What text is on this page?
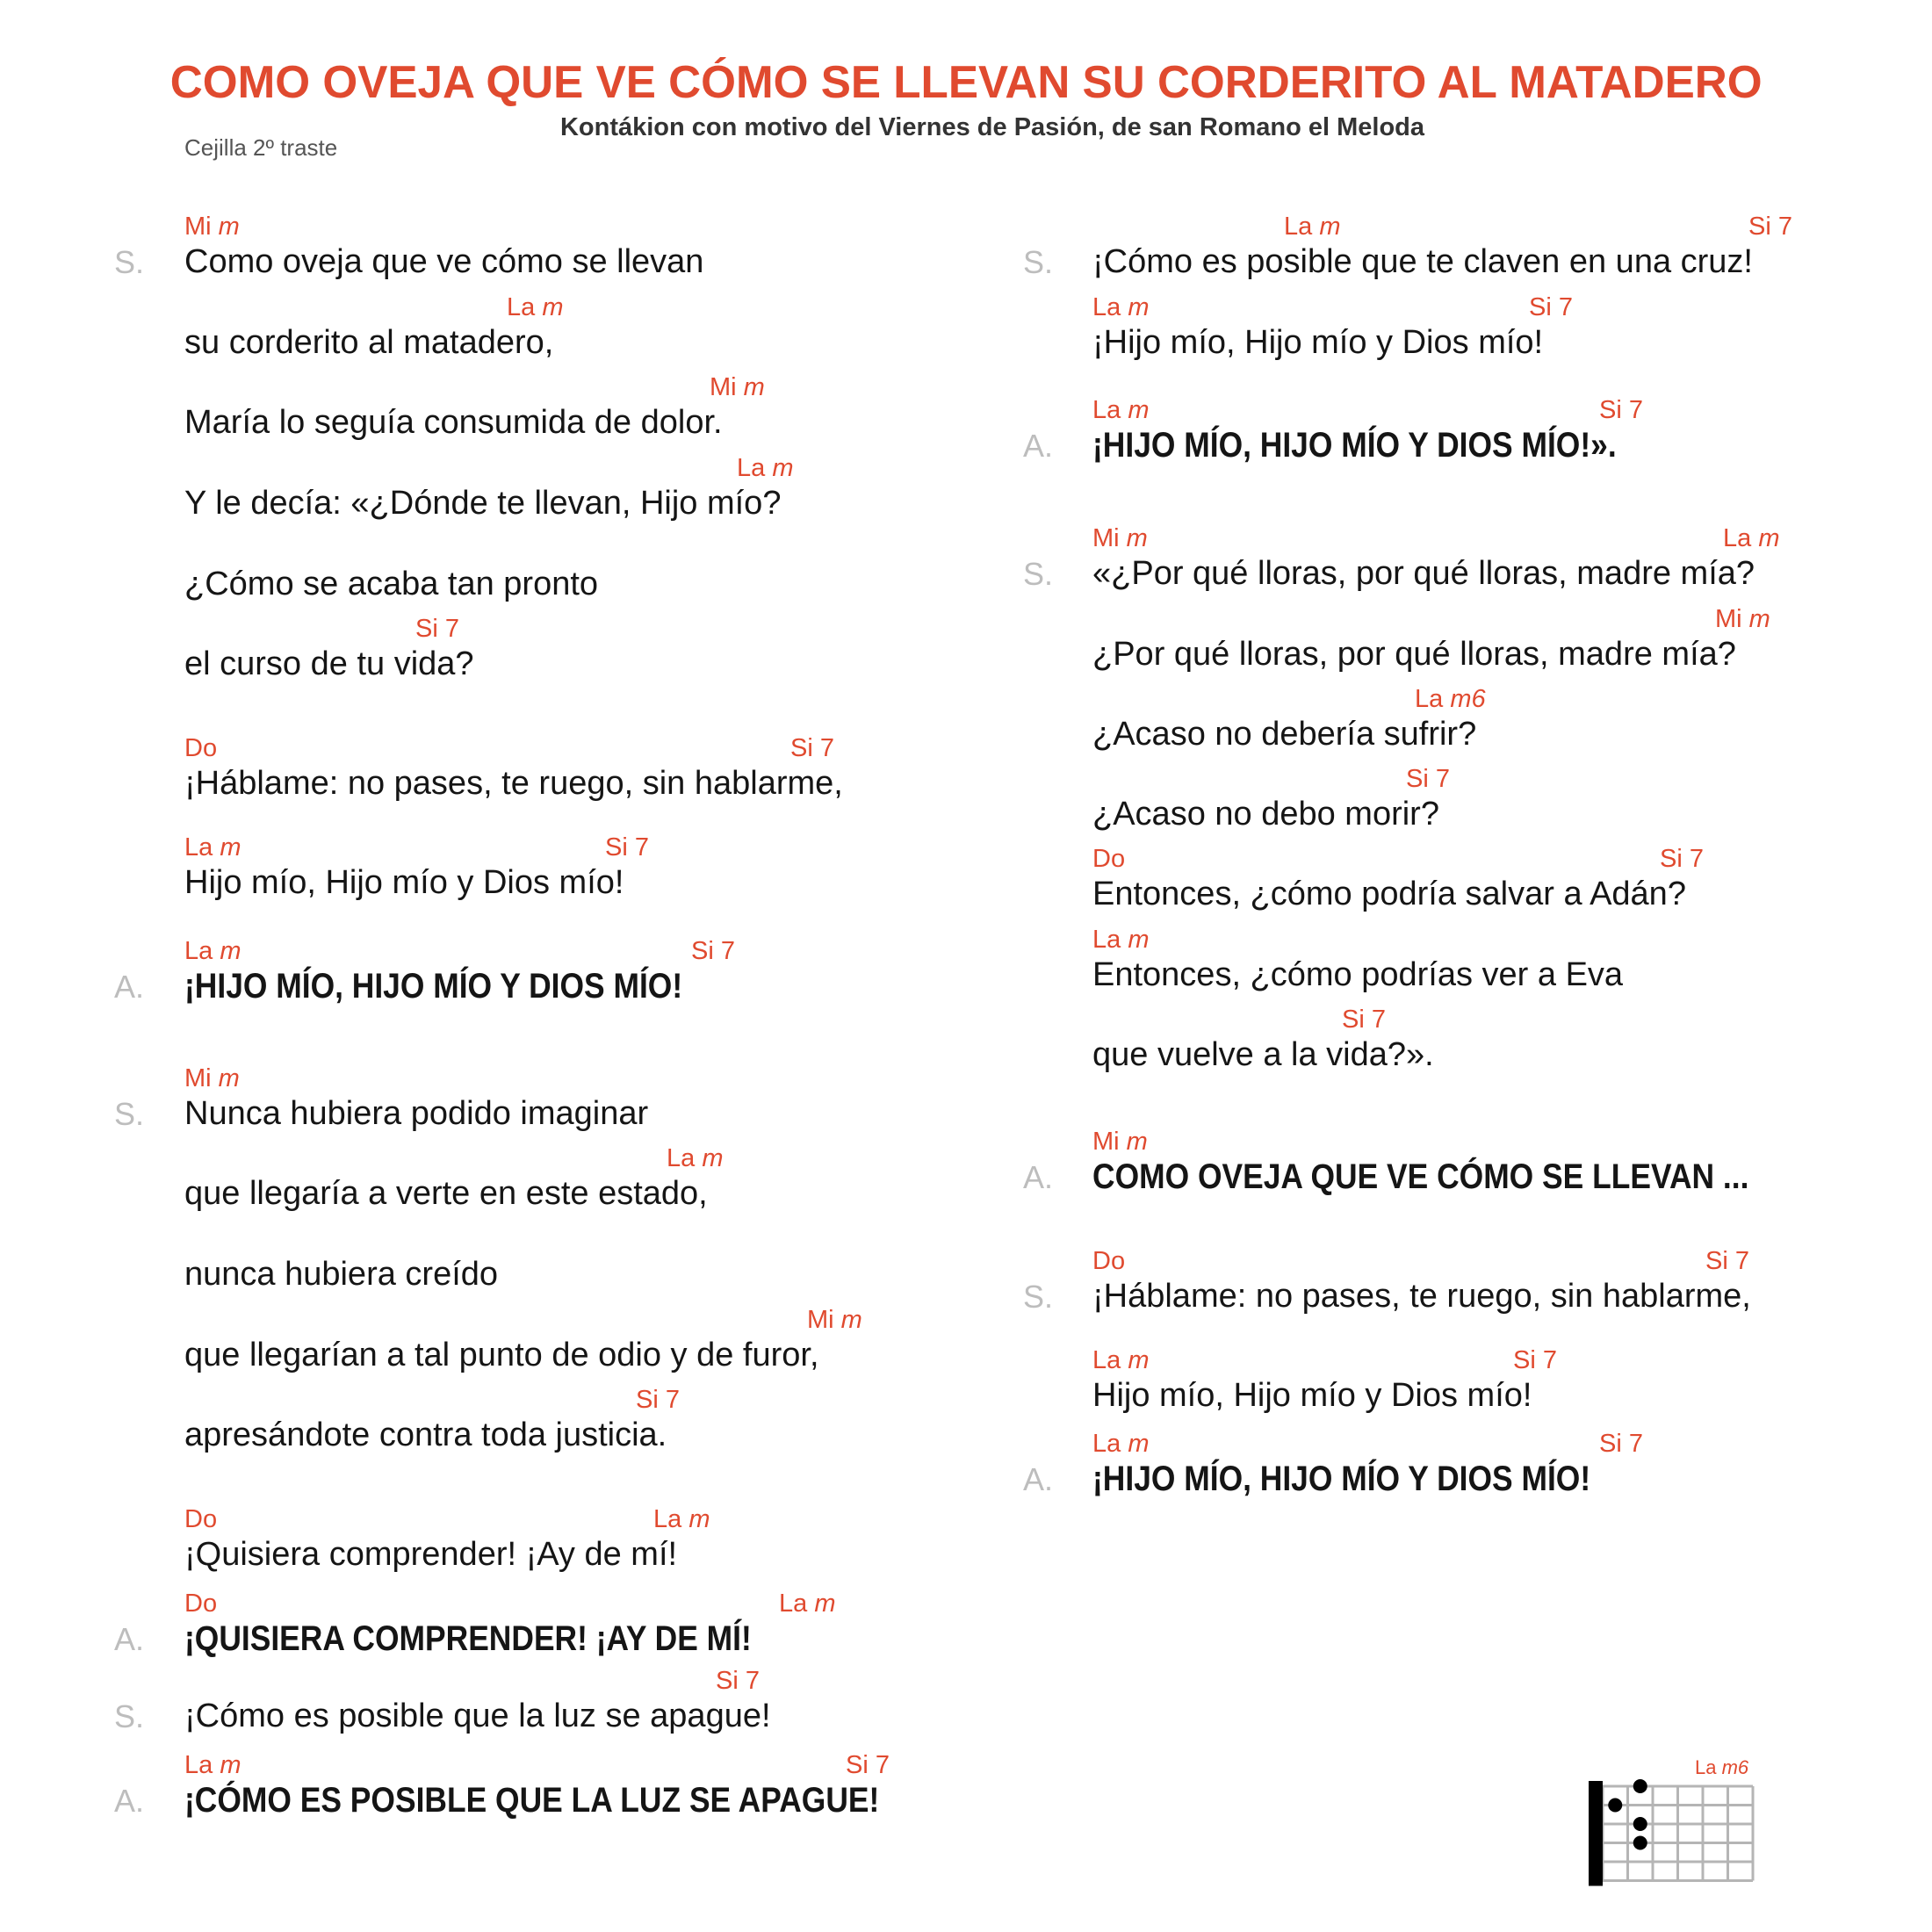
COMO OVEJA QUE VE CÓMO SE LLEVAN SU CORDERITO AL MATADERO
Kontákion con motivo del Viernes de Pasión, de san Romano el Meloda
Cejilla 2º traste
S. Como oveja que ve cómo se llevan
Mi m
su corderito al matadero,
La m
María lo seguía consumida de dolor.
Mi m
Y le decía: «¿Dónde te llevan, Hijo mío?
La m
¿Cómo se acaba tan pronto
el curso de tu vida?
Si 7
¡Háblame: no pases, te ruego, sin hablarme,
Do	Si 7
Hijo mío, Hijo mío y Dios mío!
La m	Si 7
A. ¡HIJO MÍO, HIJO MÍO Y DIOS MÍO!
La m	Si 7
S. Nunca hubiera podido imaginar
Mi m
que llegaría a verte en este estado,
La m
nunca hubiera creído
que llegarían a tal punto de odio y de furor,
Mi m
apresándote contra toda justicia.
Si 7
¡Quisiera comprender! ¡Ay de mí!
Do	La m
A. ¡QUISIERA COMPRENDER! ¡AY DE MÍ!
Do	La m
S. ¡Cómo es posible que la luz se apague!
Si 7
A. ¡CÓMO ES POSIBLE QUE LA LUZ SE APAGUE!
La m	Si 7
S. ¡Cómo es posible que te claven en una cruz!
La m	Si 7
¡Hijo mío, Hijo mío y Dios mío!
La m	Si 7
A. ¡HIJO MÍO, HIJO MÍO Y DIOS MÍO!».
La m	Si 7
S. «¿Por qué lloras, por qué lloras, madre mía?
Mi m	La m
¿Por qué lloras, por qué lloras, madre mía?
Mi m
¿Acaso no debería sufrir?
La m6
¿Acaso no debo morir?
Si 7
Entonces, ¿cómo podría salvar a Adán?
Do	Si 7
Entonces, ¿cómo podrías ver a Eva
La m
que vuelve a la vida?».
Si 7
A. COMO OVEJA QUE VE CÓMO SE LLEVAN ...
Mi m
S. ¡Háblame: no pases, te ruego, sin hablarme,
Do	Si 7
Hijo mío, Hijo mío y Dios mío!
La m	Si 7
A. ¡HIJO MÍO, HIJO MÍO Y DIOS MÍO!
La m	Si 7
La m6
